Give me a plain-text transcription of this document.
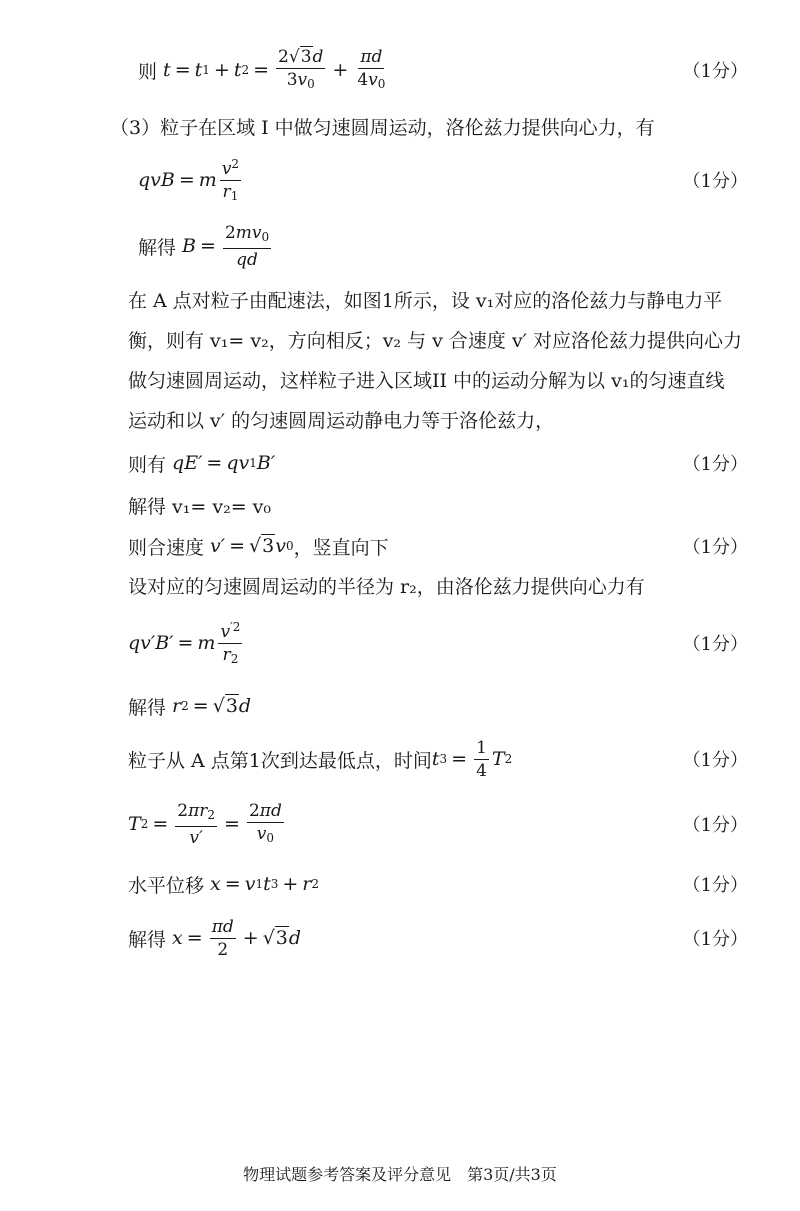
则 t = t 1 + t $2 = \frac{2√3d}{3v_0} + \frac{\pi d}{4v_0}$	（1分）
（3）粒子在区域 I 中做匀速圆周运动，洛伦兹力提供向心力，有
qvB = m $\frac{v^2}{r_1}$	（1分）
解得 $B = \frac{2mv_0}{qd}$
在 A 点对粒子由配速法，如图1所示，设 v₁对应的洛伦兹力与静电力平
衡，则有 v₁= v₂，方向相反；v₂ 与 v 合速度 v′ 对应洛伦兹力提供向心力
做匀速圆周运动，这样粒子进入区域II 中的运动分解为以 v₁的匀速直线
运动和以 v′ 的匀速圆周运动静电力等于洛伦兹力，
则有 qE′ = qv 1 B′	（1分）
解得 v₁= v₂= v₀
则合速度 v′ = √3 v 0 ，竖直向下	（1分）
设对应的匀速圆周运动的半径为 r₂，由洛伦兹力提供向心力有
qv′B′ = m $\frac{v^{'2}}{r_2}$	（1分）
解得 r 2 = √3 d
粒子从 A 点第1次到达最低点，时间 t $3 = \frac{1}{4}$ T 2	（1分）
T $2 = \frac{2\pi r_2}{v'} = \frac{2\pi d}{v_0}$	（1分）
水平位移 x = v 1 t 3 + r 2	（1分）
解得 $x = \frac{\pi d}{2} + √3$ d	（1分）
物理试题参考答案及评分意见　第3页/共3页
